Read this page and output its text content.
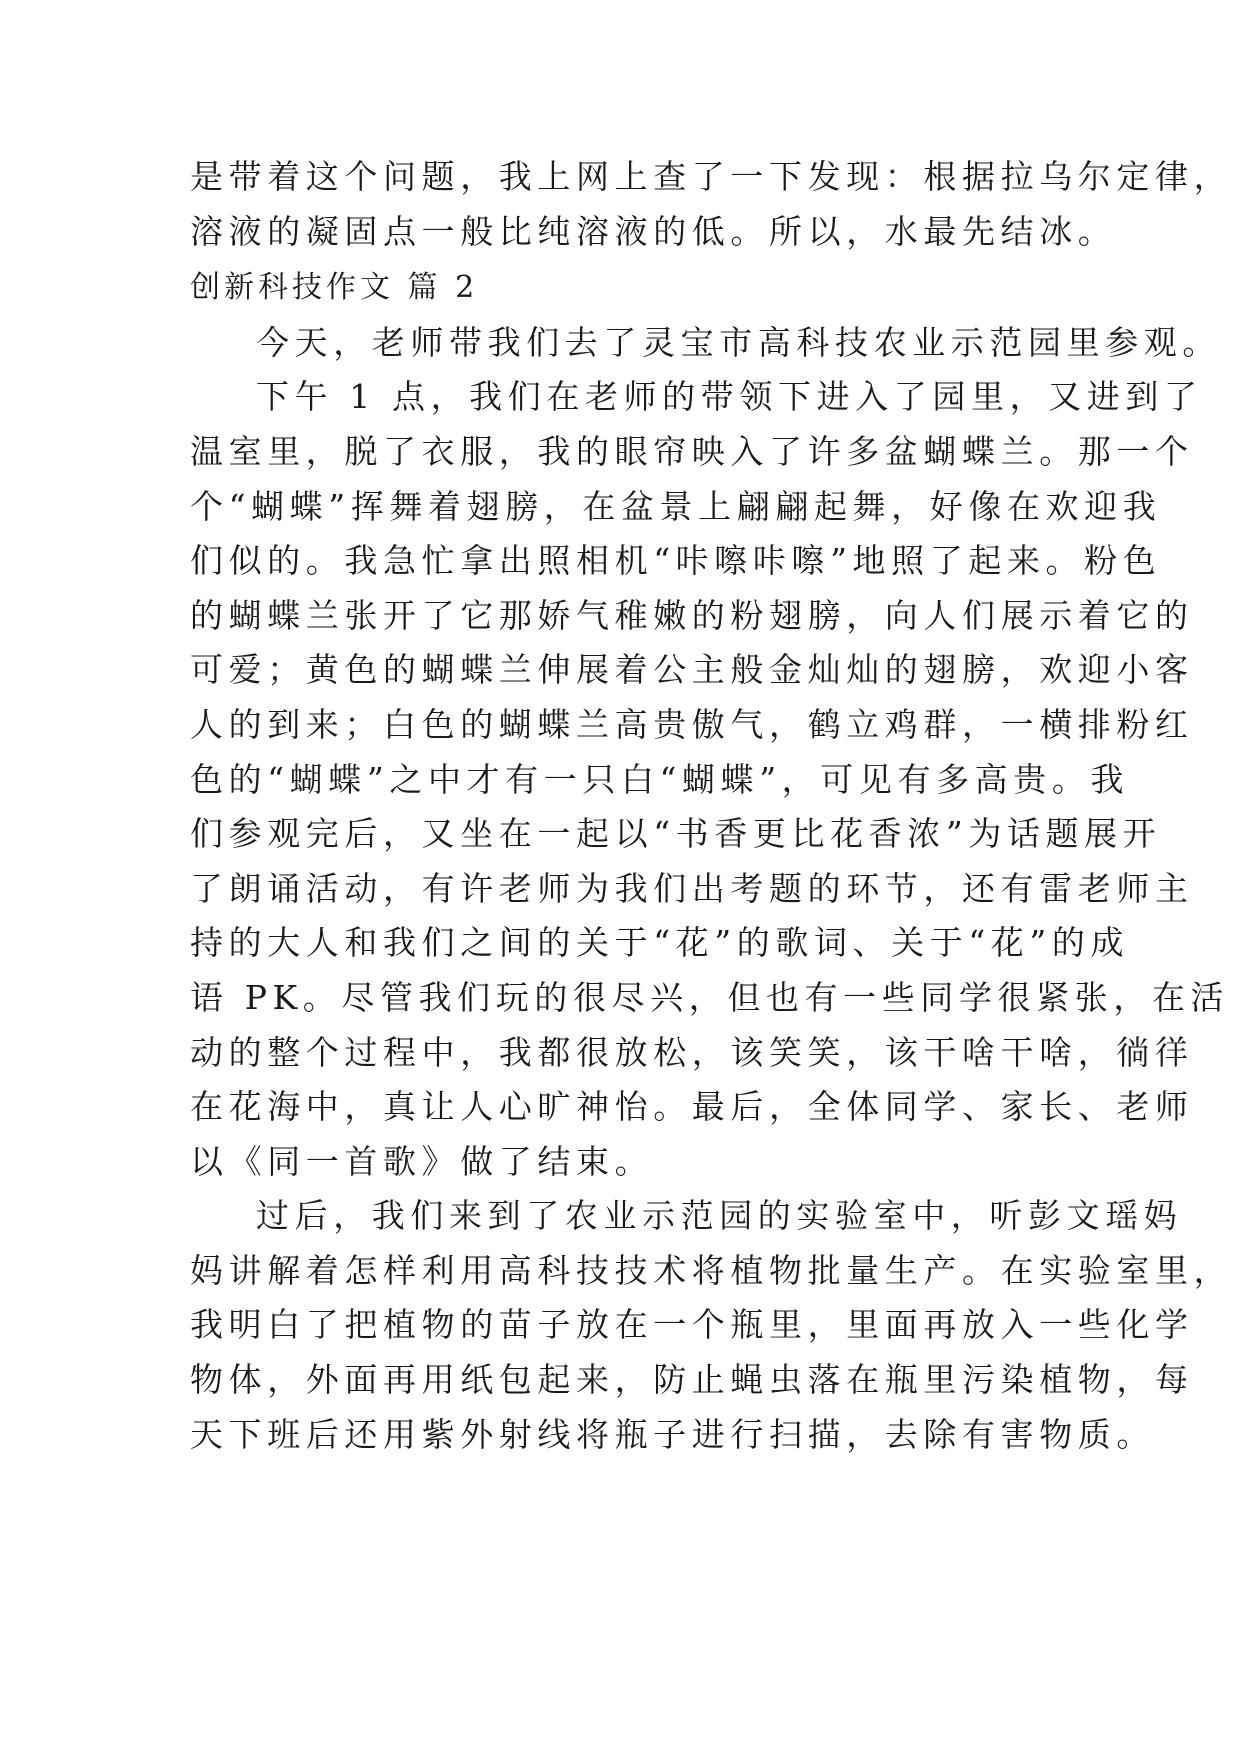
是带着这个问题，我上网上查了一下发现：根据拉乌尔定律，
溶液的凝固点一般比纯溶液的低。所以，水最先结冰。
创新科技作文 篇 2
今天，老师带我们去了灵宝市高科技农业示范园里参观。
下午 1 点，我们在老师的带领下进入了园里，又进到了
温室里，脱了衣服，我的眼帘映入了许多盆蝴蝶兰。那一个
个“蝴蝶”挥舞着翅膀，在盆景上翩翩起舞，好像在欢迎我
们似的。我急忙拿出照相机“咔嚓咔嚓”地照了起来。粉色
的蝴蝶兰张开了它那娇气稚嫩的粉翅膀，向人们展示着它的
可爱；黄色的蝴蝶兰伸展着公主般金灿灿的翅膀，欢迎小客
人的到来；白色的蝴蝶兰高贵傲气，鹤立鸡群，一横排粉红
色的“蝴蝶”之中才有一只白“蝴蝶”，可见有多高贵。我
们参观完后，又坐在一起以“书香更比花香浓”为话题展开
了朗诵活动，有许老师为我们出考题的环节，还有雷老师主
持的大人和我们之间的关于“花”的歌词、关于“花”的成
语 PK。尽管我们玩的很尽兴，但也有一些同学很紧张，在活
动的整个过程中，我都很放松，该笑笑，该干啥干啥，徜徉
在花海中，真让人心旷神怡。最后，全体同学、家长、老师
以《同一首歌》做了结束。
过后，我们来到了农业示范园的实验室中，听彭文瑶妈
妈讲解着怎样利用高科技技术将植物批量生产。在实验室里，
我明白了把植物的苗子放在一个瓶里，里面再放入一些化学
物体，外面再用纸包起来，防止蝇虫落在瓶里污染植物，每
天下班后还用紫外射线将瓶子进行扫描，去除有害物质。
